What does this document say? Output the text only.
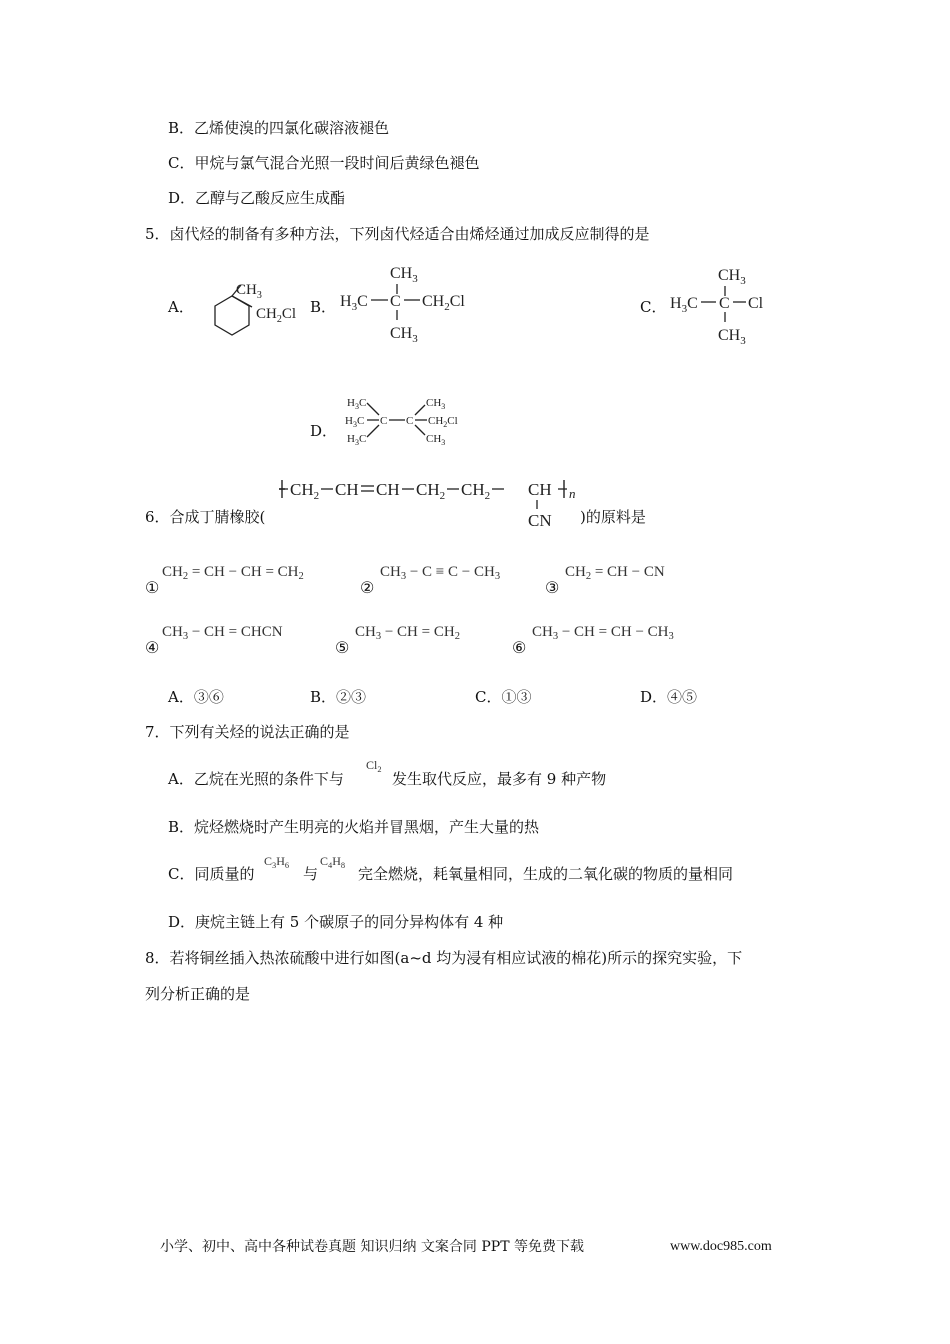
B．乙烯使溴的四氯化碳溶液褪色
C．甲烷与氯气混合光照一段时间后黄绿色褪色
D．乙醇与乙酸反应生成酯
5．卤代烃的制备有多种方法，下列卤代烃适合由烯烃通过加成反应制得的是
A．
$CH_3$
$CH_2Cl$ B．
$CH_3$
$H_3C$ C $CH_2Cl$
$CH_3$
C．
$CH_3$
$H_3C$ C Cl
$CH_3$
D．
$H_3C$
$H_3C$
$H_3C$
C C
$CH_3$
$CH_2Cl$
$CH_3$
$CH_2$ CH CH $CH_2$ $CH_2$ CH n
CN
6．合成丁腈橡胶(	)的原料是
①
$CH_2$ = CH − CH = $CH_2$
②
$CH_3 - C \equiv C - CH_3$
③
$CH_2$ = CH − CN
④
$CH_3$ − CH = CHCN
⑤
$CH_3$ − CH = $CH_2$
⑥
$CH_3$ − CH = CH − $CH_3$
A．③⑥	B．②③	C．①③	D．④⑤
7．下列有关烃的说法正确的是
A．乙烷在光照的条件下与
$Cl_2$
发生取代反应，最多有 9 种产物
B．烷烃燃烧时产生明亮的火焰并冒黑烟，产生大量的热
C．同质量的
$C_3H_6$ 与
$C_4H_8$ 完全燃烧，耗氧量相同，生成的二氧化碳的物质的量相同
D．庚烷主链上有 5 个碳原子的同分异构体有 4 种
8．若将铜丝插入热浓硫酸中进行如图(a~d 均为浸有相应试液的棉花)所示的探究实验，下
列分析正确的是
小学、初中、高中各种试卷真题 知识归纳 文案合同 PPT 等免费下载	www.doc985.com
